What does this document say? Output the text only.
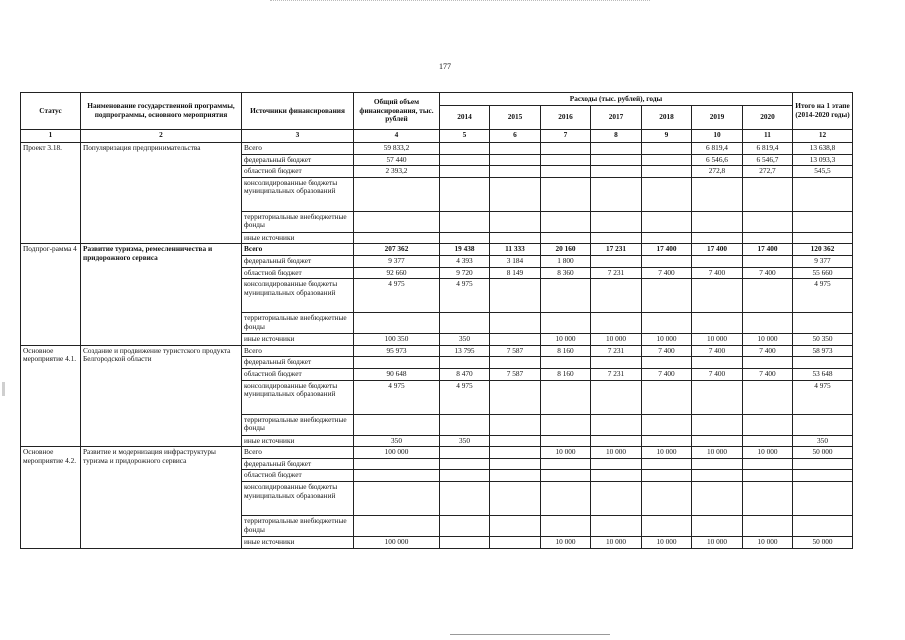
177
Статус	Наименование государственной программы, подпрограммы, основного мероприятия	Источники финансирования	Общий объем финансирования, тыс. рублей	Расходы (тыс. рублей), годы							Итого на 1 этапе (2014-2020 годы)
				2014	2015	2016	2017	2018	2019	2020	
1	2	3	4	5	6	7	8	9	10	11	12
Проект 3.18.	Популяризация предпринимательства	Всего	59 833,2						6 819,4	6 819,4	13 638,8
		федеральный бюджет	57 440						6 546,6	6 546,7	13 093,3
		областной бюджет	2 393,2						272,8	272,7	545,5
		консолидированные бюджеты муниципальных образований									
		территориальные внебюджетные фонды									
		иные источники									
Подпрог-рамма 4	Развитие туризма, ремесленничества и придорожного сервиса	Всего	207 362	19 438	11 333	20 160	17 231	17 400	17 400	17 400	120 362
		федеральный бюджет	9 377	4 393	3 184	1 800					9 377
		областной бюджет	92 660	9 720	8 149	8 360	7 231	7 400	7 400	7 400	55 660
		консолидированные бюджеты муниципальных образований	4 975	4 975							4 975
		территориальные внебюджетные фонды									
		иные источники	100 350	350		10 000	10 000	10 000	10 000	10 000	50 350
Основное мероприятие 4.1.	Создание и продвижение туристского продукта Белгородской области	Всего	95 973	13 795	7 587	8 160	7 231	7 400	7 400	7 400	58 973
		федеральный бюджет									
		областной бюджет	90 648	8 470	7 587	8 160	7 231	7 400	7 400	7 400	53 648
		консолидированные бюджеты муниципальных образований	4 975	4 975							4 975
		территориальные внебюджетные фонды									
		иные источники	350	350							350
Основное мероприятие 4.2.	Развитие и модернизация инфраструктуры туризма и придорожного сервиса	Всего	100 000			10 000	10 000	10 000	10 000	10 000	50 000
		федеральный бюджет									
		областной бюджет									
		консолидированные бюджеты муниципальных образований									
		территориальные внебюджетные фонды									
		иные источники	100 000			10 000	10 000	10 000	10 000	10 000	50 000
